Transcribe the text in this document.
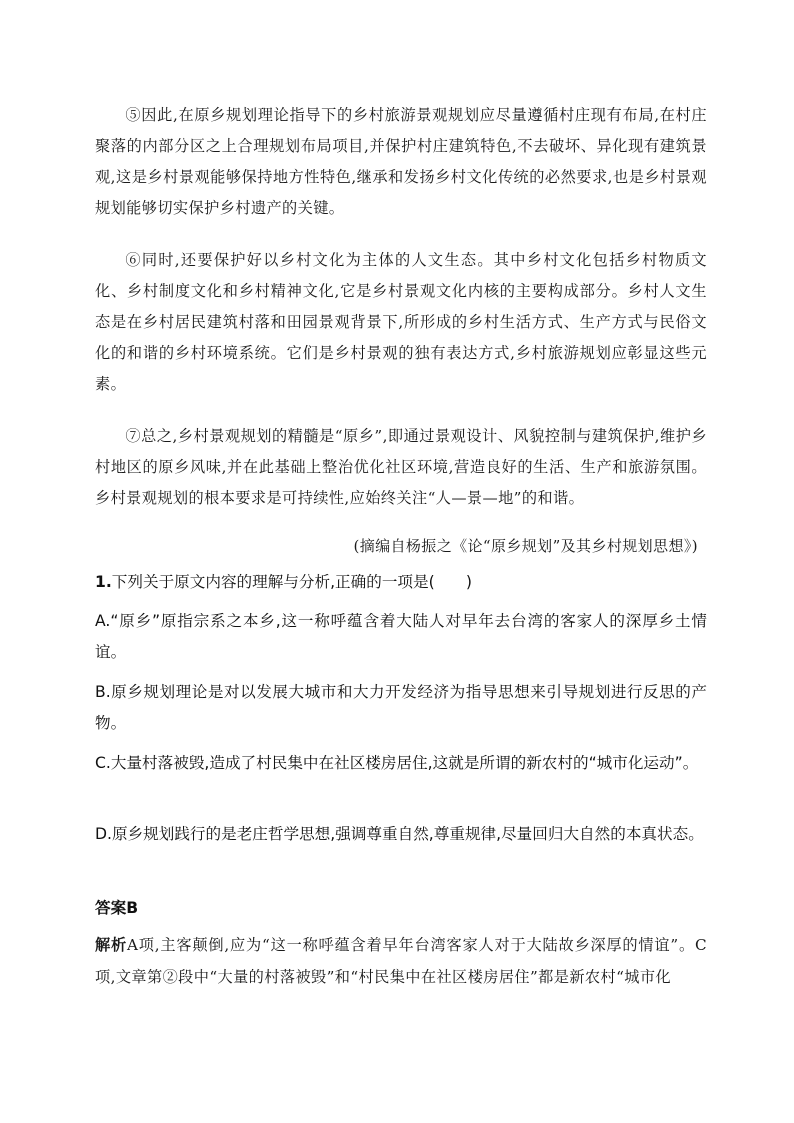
⑤因此,在原乡规划理论指导下的乡村旅游景观规划应尽量遵循村庄现有布局,在村庄聚落的内部分区之上合理规划布局项目,并保护村庄建筑特色,不去破坏、异化现有建筑景观,这是乡村景观能够保持地方性特色,继承和发扬乡村文化传统的必然要求,也是乡村景观规划能够切实保护乡村遗产的关键。
⑥同时,还要保护好以乡村文化为主体的人文生态。其中乡村文化包括乡村物质文化、乡村制度文化和乡村精神文化,它是乡村景观文化内核的主要构成部分。乡村人文生态是在乡村居民建筑村落和田园景观背景下,所形成的乡村生活方式、生产方式与民俗文化的和谐的乡村环境系统。它们是乡村景观的独有表达方式,乡村旅游规划应彰显这些元素。
⑦总之,乡村景观规划的精髓是“原乡”,即通过景观设计、风貌控制与建筑保护,维护乡村地区的原乡风味,并在此基础上整治优化社区环境,营造良好的生活、生产和旅游氛围。乡村景观规划的根本要求是可持续性,应始终关注“人—景—地”的和谐。
(摘编自杨振之《论“原乡规划”及其乡村规划思想》)
1.下列关于原文内容的理解与分析,正确的一项是(　　)
A.“原乡”原指宗系之本乡,这一称呼蕴含着大陆人对早年去台湾的客家人的深厚乡土情谊。
B.原乡规划理论是对以发展大城市和大力开发经济为指导思想来引导规划进行反思的产物。
C.大量村落被毁,造成了村民集中在社区楼房居住,这就是所谓的新农村的“城市化运动”。
D.原乡规划践行的是老庄哲学思想,强调尊重自然,尊重规律,尽量回归大自然的本真状态。
答案B
解析A项,主客颠倒,应为“这一称呼蕴含着早年台湾客家人对于大陆故乡深厚的情谊”。C项,文章第②段中“大量的村落被毁”和“村民集中在社区楼房居住”都是新农村“城市化
